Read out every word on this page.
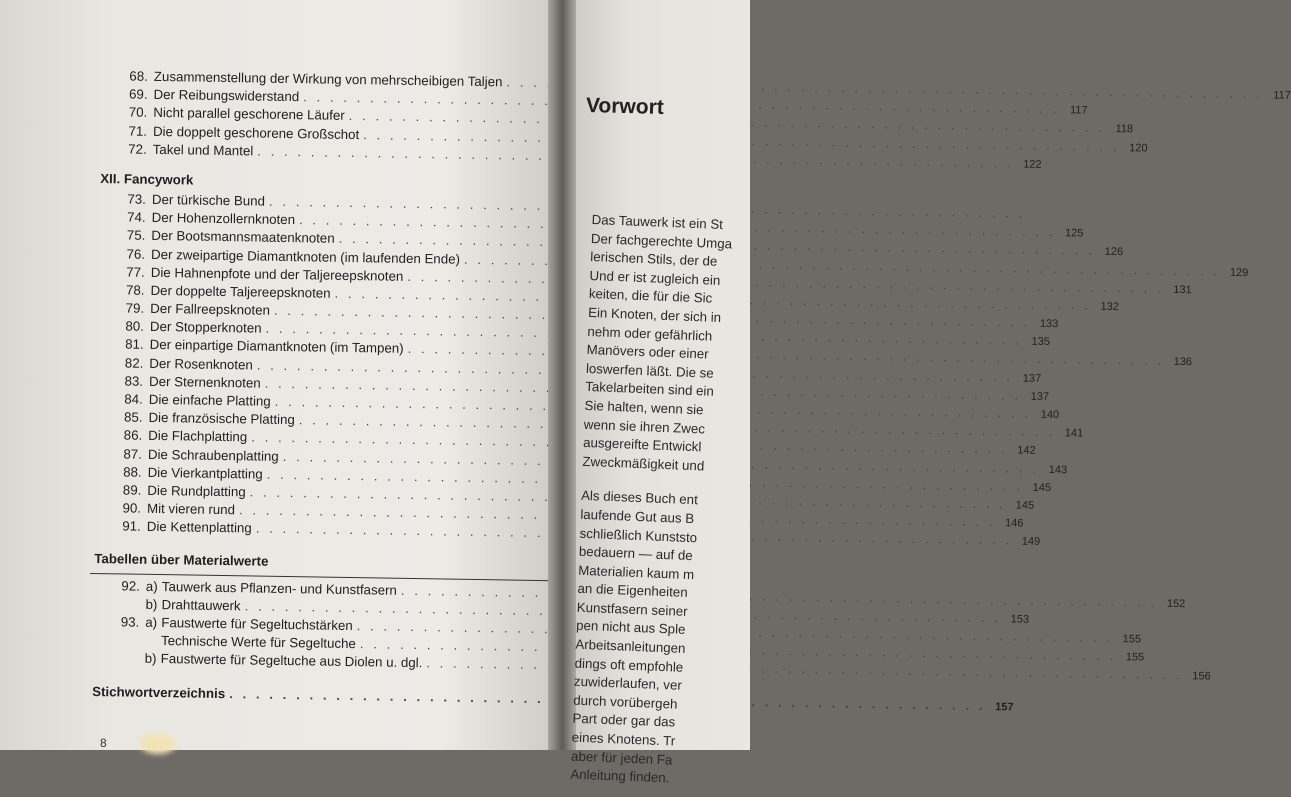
68. Zusammenstellung der Wirkung von mehrscheibigen Taljen
. . .
117
69. Der Reibungswiderstand
. . .
117
70. Nicht parallel geschorene Läufer
. . .
118
71. Die doppelt geschorene Großschot
. . .
120
72. Takel und Mantel
. . .
122
XII. Fancywork
73. Der türkische Bund
. . .
74. Der Hohenzollernknoten
. . .
125
75. Der Bootsmannsmaatenknoten
. . .
126
76. Der zweipartige Diamantknoten (im laufenden Ende)
. . .
129
77. Die Hahnenpfote und der Taljereepsknoten
. . .
131
78. Der doppelte Taljereepsknoten
. . .
132
79. Der Fallreepsknoten
. . .
133
80. Der Stopperknoten
. . .
135
81. Der einpartige Diamantknoten (im Tampen)
. . .
136
82. Der Rosenknoten
. . .
137
83. Der Sternenknoten
. . .
137
84. Die einfache Platting
. . .
140
85. Die französische Platting
. . .
141
86. Die Flachplatting
. . .
142
87. Die Schraubenplatting
. . .
143
88. Die Vierkantplatting
. . .
145
89. Die Rundplatting
. . .
145
90. Mit vieren rund
. . .
146
91. Die Kettenplatting
. . .
149
Tabellen über Materialwerte
92. a) Tauwerk aus Pflanzen- und Kunstfasern
. . .
152
b) Drahttauwerk
. . .
153
93. a) Faustwerte für Segeltuchstärken
. . .
155
Technische Werte für Segeltuche
. . .
155
b) Faustwerte für Segeltuche aus Diolen u. dgl.
. . .
156
Stichwortverzeichnis
. . .
157
8
Vorwort
Das Tauwerk ist ein St
Der fachgerechte Umga
lerischen Stils, der de
Und er ist zugleich ein
keiten, die für die Sic
Ein Knoten, der sich in
nehm oder gefährlich
Manövers oder einer
loswerfen läßt. Die se
Takelarbeiten sind ein
Sie halten, wenn sie
wenn sie ihren Zwec
ausgereifte Entwickl
Zweckmäßigkeit und
Als dieses Buch ent
laufende Gut aus B
schließlich Kunststo
bedauern — auf de
Materialien kaum m
an die Eigenheiten
Kunstfasern seiner
pen nicht aus Sple
Arbeitsanleitungen
dings oft empfohle
zuwiderlaufen, ver
durch vorübergeh
Part oder gar das
eines Knotens. Tr
aber für jeden Fa
Anleitung finden.
